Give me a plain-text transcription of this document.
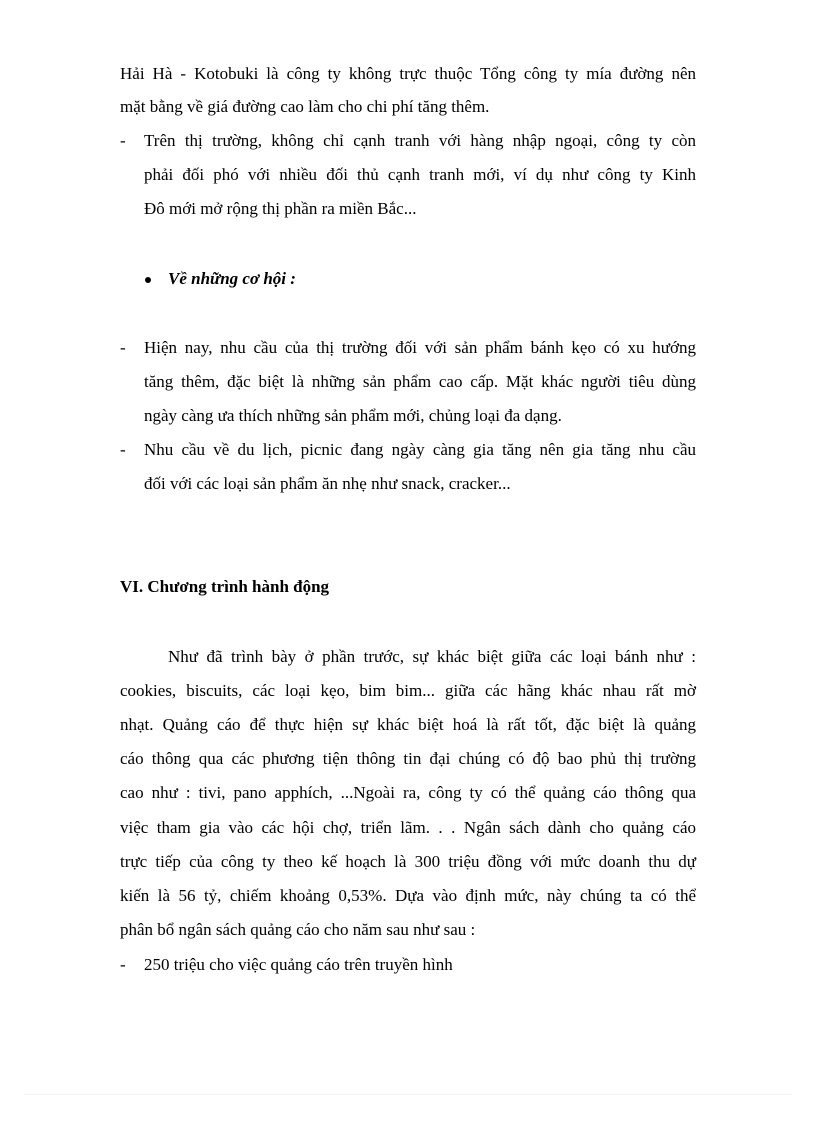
Hải Hà - Kotobuki là công ty không trực thuộc Tổng công ty mía đường nên

mặt bằng về giá đường cao làm cho chi phí tăng thêm.

- Trên thị trường, không chỉ cạnh tranh với hàng nhập ngoại, công ty còn

phải đối phó với nhiều đối thủ cạnh tranh mới, ví dụ như công ty Kinh

Đô mới mở rộng thị phần ra miền Bắc...

Về những cơ hội :

- Hiện nay, nhu cầu của thị trường đối với sản phẩm bánh kẹo có xu hướng

tăng thêm, đặc biệt là những sản phẩm cao cấp. Mặt khác người tiêu dùng

ngày càng ưa thích những sản phẩm mới, chủng loại đa dạng.

- Nhu cầu về du lịch, picnic đang ngày càng gia tăng nên gia tăng nhu cầu

đối với các loại sản phẩm ăn nhẹ như snack, cracker...

VI. Chương trình hành động

Như đã trình bày ở phần trước, sự khác biệt giữa các loại bánh như :

cookies, biscuits, các loại kẹo, bim bim... giữa các hãng khác nhau rất mờ

nhạt. Quảng cáo để thực hiện sự khác biệt hoá là rất tốt, đặc biệt là quảng

cáo thông qua các phương tiện thông tin đại chúng có độ bao phủ thị trường

cao như : tivi, pano apphích, ...Ngoài ra, công ty có thể quảng cáo thông qua

việc tham gia vào các hội chợ, triển lãm. . . Ngân sách dành cho quảng cáo

trực tiếp của công ty theo kế hoạch là 300 triệu đồng với mức doanh thu dự

kiến là 56 tỷ, chiếm khoảng 0,53%. Dựa vào định mức, này chúng ta có thể

phân bổ ngân sách quảng cáo cho năm sau như sau :

- 250 triệu cho việc quảng cáo trên truyền hình
